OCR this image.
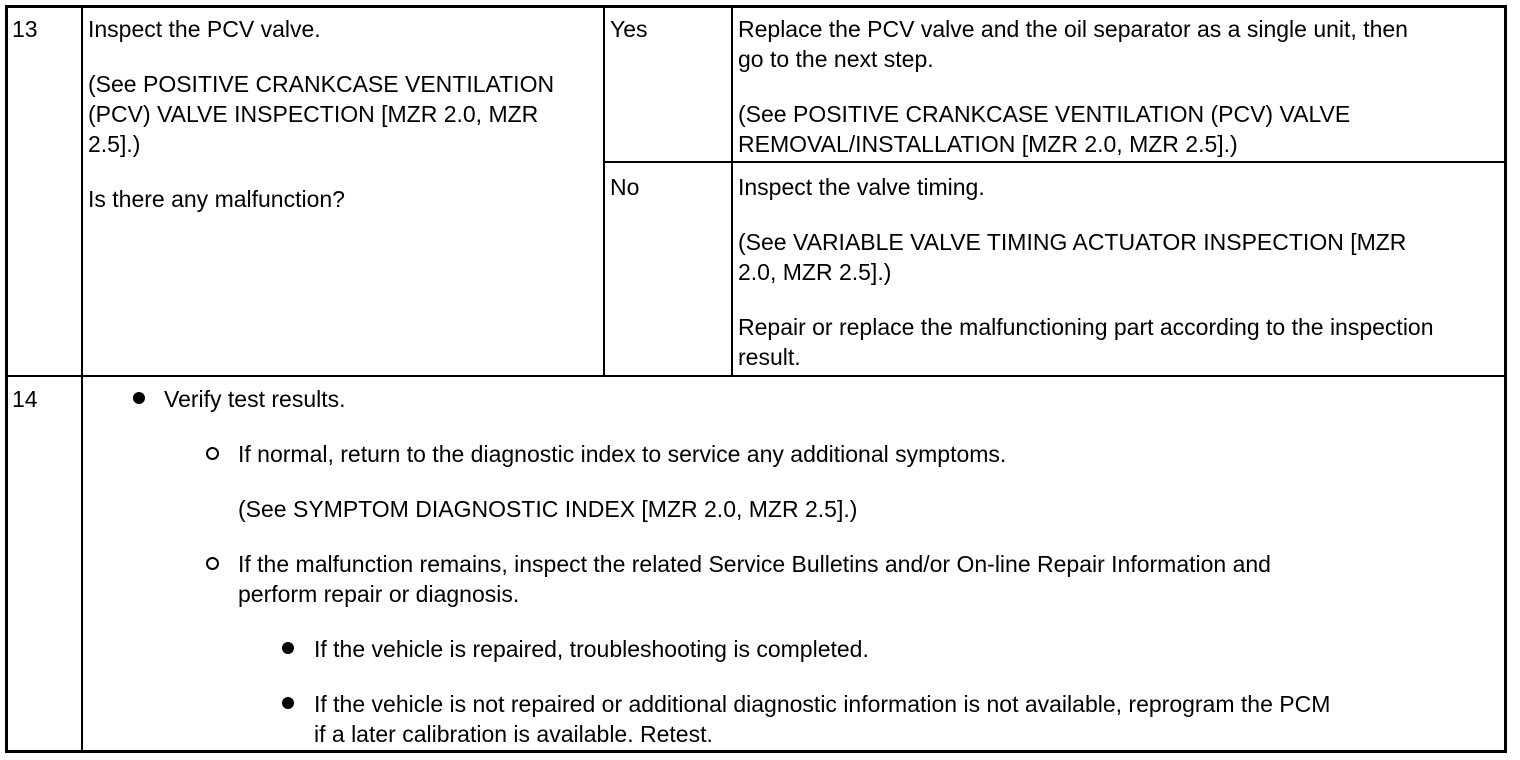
13 Inspect the PCV valve.
(See POSITIVE CRANKCASE VENTILATION
(PCV) VALVE INSPECTION [MZR 2.0, MZR
2.5].)
Is there any malfunction?
Yes	Replace the PCV valve and the oil separator as a single unit, then
go to the next step.
(See POSITIVE CRANKCASE VENTILATION (PCV) VALVE
REMOVAL/INSTALLATION [MZR 2.0, MZR 2.5].)
No	Inspect the valve timing.
(See VARIABLE VALVE TIMING ACTUATOR INSPECTION [MZR
2.0, MZR 2.5].)
Repair or replace the malfunctioning part according to the inspection
result.
14	Verify test results.
If normal, return to the diagnostic index to service any additional symptoms.
(See SYMPTOM DIAGNOSTIC INDEX [MZR 2.0, MZR 2.5].)
If the malfunction remains, inspect the related Service Bulletins and/or On-line Repair Information and
perform repair or diagnosis.
If the vehicle is repaired, troubleshooting is completed.
If the vehicle is not repaired or additional diagnostic information is not available, reprogram the PCM
if a later calibration is available. Retest.
